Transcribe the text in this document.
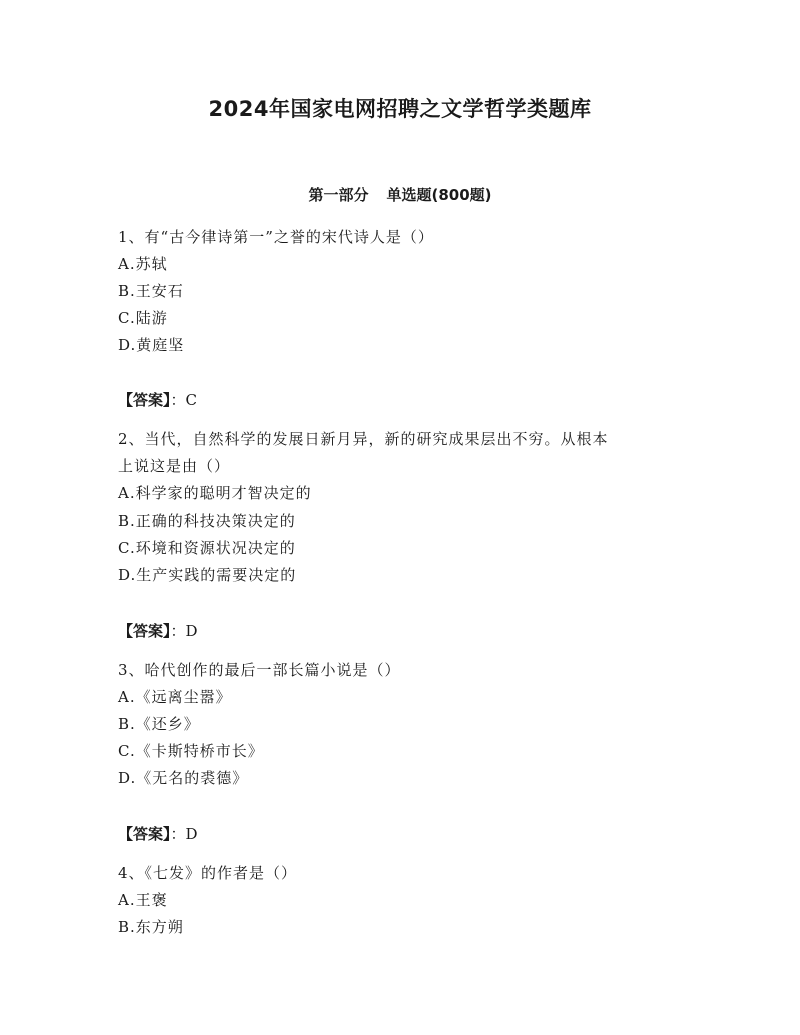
2024年国家电网招聘之文学哲学类题库
第一部分 单选题(800题)
1、有“古今律诗第一”之誉的宋代诗人是（）
A.苏轼
B.王安石
C.陆游
D.黄庭坚
【答案】：C
2、当代，自然科学的发展日新月异，新的研究成果层出不穷。从根本
上说这是由（）
A.科学家的聪明才智决定的
B.正确的科技决策决定的
C.环境和资源状况决定的
D.生产实践的需要决定的
【答案】：D
3、哈代创作的最后一部长篇小说是（）
A.《远离尘嚣》
B.《还乡》
C.《卡斯特桥市长》
D.《无名的裘德》
【答案】：D
4、《七发》的作者是（）
A.王褒
B.东方朔
